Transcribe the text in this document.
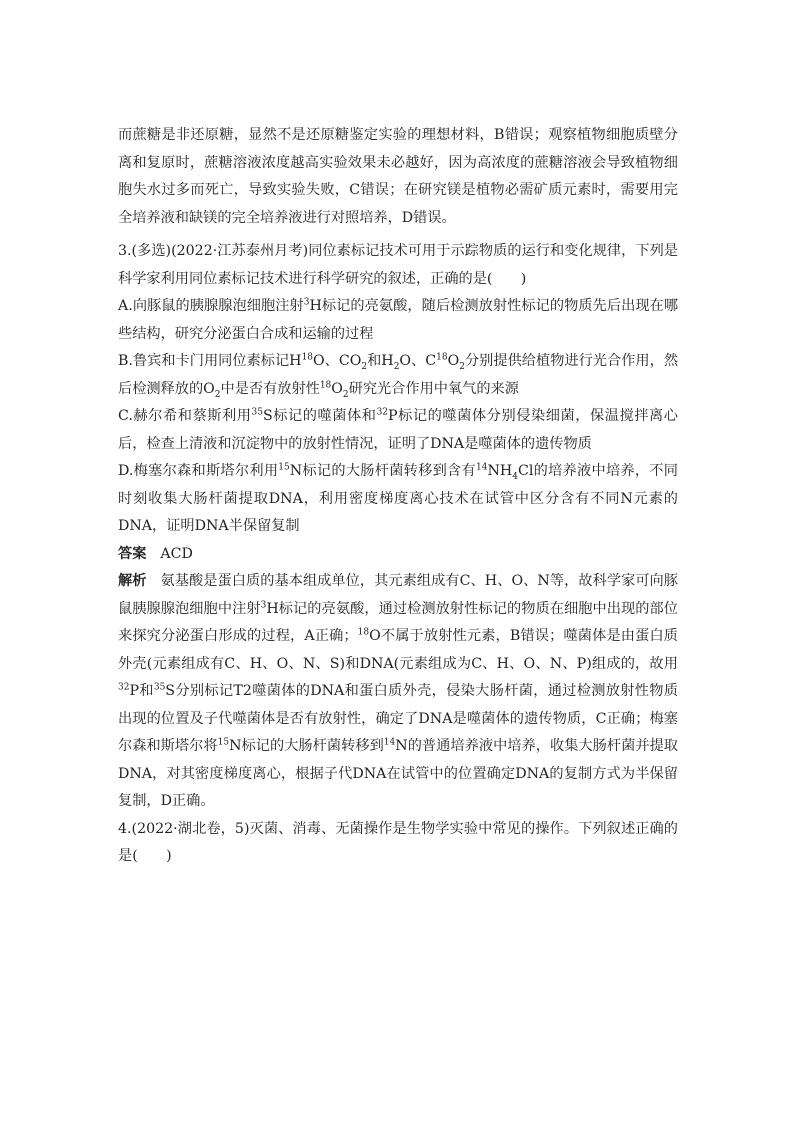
而蔗糖是非还原糖，显然不是还原糖鉴定实验的理想材料，B错误；观察植物细胞质壁分离和复原时，蔗糖溶液浓度越高实验效果未必越好，因为高浓度的蔗糖溶液会导致植物细胞失水过多而死亡，导致实验失败，C错误；在研究镁是植物必需矿质元素时，需要用完全培养液和缺镁的完全培养液进行对照培养，D错误。

3.(多选)(2022·江苏泰州月考)同位素标记技术可用于示踪物质的运行和变化规律，下列是科学家利用同位素标记技术进行科学研究的叙述，正确的是(　　)

A.向豚鼠的胰腺腺泡细胞注射$^3$H标记的亮氨酸，随后检测放射性标记的物质先后出现在哪些结构，研究分泌蛋白合成和运输的过程

B.鲁宾和卡门用同位素标记$H^{18}O$、$CO_2$和$H_2O$、$C^{18}O_2$分别提供给植物进行光合作用，然后检测释放的$O_2$中是否有放射性$^{18}O_2$研究光合作用中氧气的来源

C.赫尔希和蔡斯利用$^{35}$S标记的噬菌体和$^{32}$P标记的噬菌体分别侵染细菌，保温搅拌离心后，检查上清液和沉淀物中的放射性情况，证明了DNA是噬菌体的遗传物质

D.梅塞尔森和斯塔尔利用$^{15}$N标记的大肠杆菌转移到含有$^{14}NH_4Cl$的培养液中培养，不同时刻收集大肠杆菌提取DNA，利用密度梯度离心技术在试管中区分含有不同N元素的DNA，证明DNA半保留复制

答案 ACD

解析 氨基酸是蛋白质的基本组成单位，其元素组成有C、H、O、N等，故科学家可向豚鼠胰腺腺泡细胞中注射$^3$H标记的亮氨酸，通过检测放射性标记的物质在细胞中出现的部位来探究分泌蛋白形成的过程，A正确；$^{18}$O不属于放射性元素，B错误；噬菌体是由蛋白质外壳(元素组成有C、H、O、N、S)和DNA(元素组成为C、H、O、N、P)组成的，故用$^{32}$P和$^{35}$S分别标记T2噬菌体的DNA和蛋白质外壳，侵染大肠杆菌，通过检测放射性物质出现的位置及子代噬菌体是否有放射性，确定了DNA是噬菌体的遗传物质，C正确；梅塞尔森和斯塔尔将$^{15}$N标记的大肠杆菌转移到$^{14}$N的普通培养液中培养，收集大肠杆菌并提取DNA，对其密度梯度离心，根据子代DNA在试管中的位置确定DNA的复制方式为半保留复制，D正确。

4.(2022·湖北卷，5)灭菌、消毒、无菌操作是生物学实验中常见的操作。下列叙述正确的是(　　)
